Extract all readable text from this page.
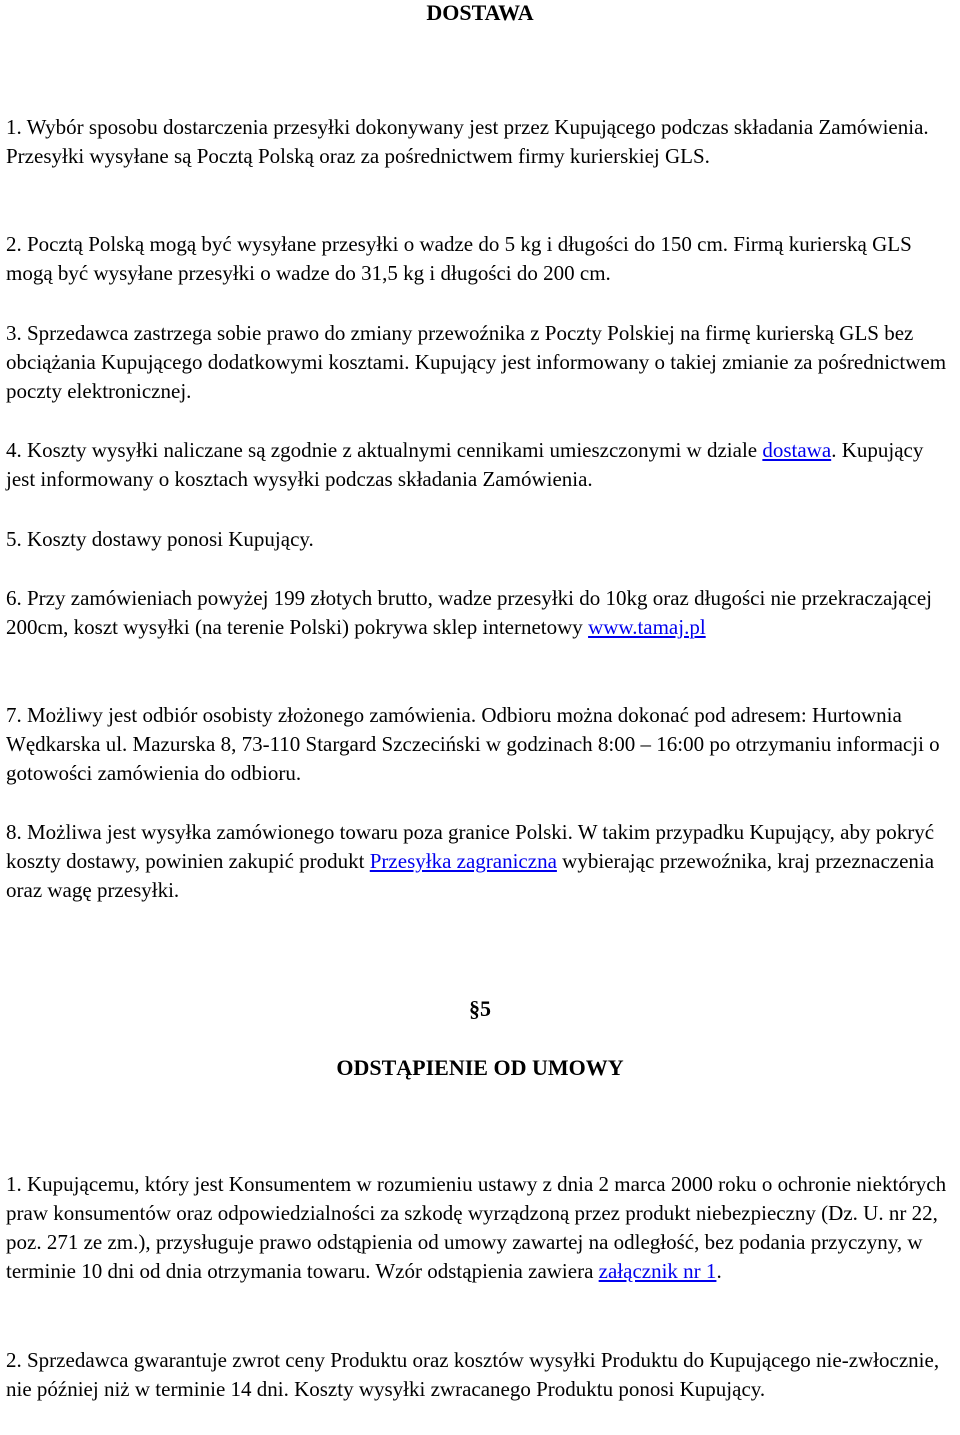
DOSTAWA

1. Wybór sposobu dostarczenia przesyłki dokonywany jest przez Kupującego podczas składania Zamówienia. Przesyłki wysyłane są Pocztą Polską oraz za pośrednictwem firmy kurierskiej GLS.

2. Pocztą Polską mogą być wysyłane przesyłki o wadze do 5 kg i długości do 150 cm. Firmą kurierską GLS mogą być wysyłane przesyłki o wadze do 31,5 kg i długości do 200 cm.

3. Sprzedawca zastrzega sobie prawo do zmiany przewoźnika z Poczty Polskiej na firmę kurierską GLS bez obciążania Kupującego dodatkowymi kosztami. Kupujący jest informowany o takiej zmianie za pośrednictwem poczty elektronicznej.

4. Koszty wysyłki naliczane są zgodnie z aktualnymi cennikami umieszczonymi w dziale dostawa. Kupujący jest informowany o kosztach wysyłki podczas składania Zamówienia.

5. Koszty dostawy ponosi Kupujący.

6. Przy zamówieniach powyżej 199 złotych brutto, wadze przesyłki do 10kg oraz długości nie przekraczającej 200cm, koszt wysyłki (na terenie Polski) pokrywa sklep internetowy www.tamaj.pl

7. Możliwy jest odbiór osobisty złożonego zamówienia. Odbioru można dokonać pod adresem: Hurtownia Wędkarska ul. Mazurska 8, 73-110 Stargard Szczeciński w godzinach 8:00 – 16:00 po otrzymaniu informacji o gotowości zamówienia do odbioru.

8. Możliwa jest wysyłka zamówionego towaru poza granice Polski. W takim przypadku Kupujący, aby pokryć koszty dostawy, powinien zakupić produkt Przesyłka zagraniczna wybierając przewoźnika, kraj przeznaczenia oraz wagę przesyłki.

§5
ODSTĄPIENIE OD UMOWY

1. Kupującemu, który jest Konsumentem w rozumieniu ustawy z dnia 2 marca 2000 roku o ochronie niektórych praw konsumentów oraz odpowiedzialności za szkodę wyrządzoną przez produkt niebezpieczny (Dz. U. nr 22, poz. 271 ze zm.), przysługuje prawo odstąpienia od umowy zawartej na odległość, bez podania przyczyny, w terminie 10 dni od dnia otrzymania towaru. Wzór odstąpienia zawiera załącznik nr 1.

2. Sprzedawca gwarantuje zwrot ceny Produktu oraz kosztów wysyłki Produktu do Kupującego nie-zwłocznie, nie później niż w terminie 14 dni. Koszty wysyłki zwracanego Produktu ponosi Kupujący.
